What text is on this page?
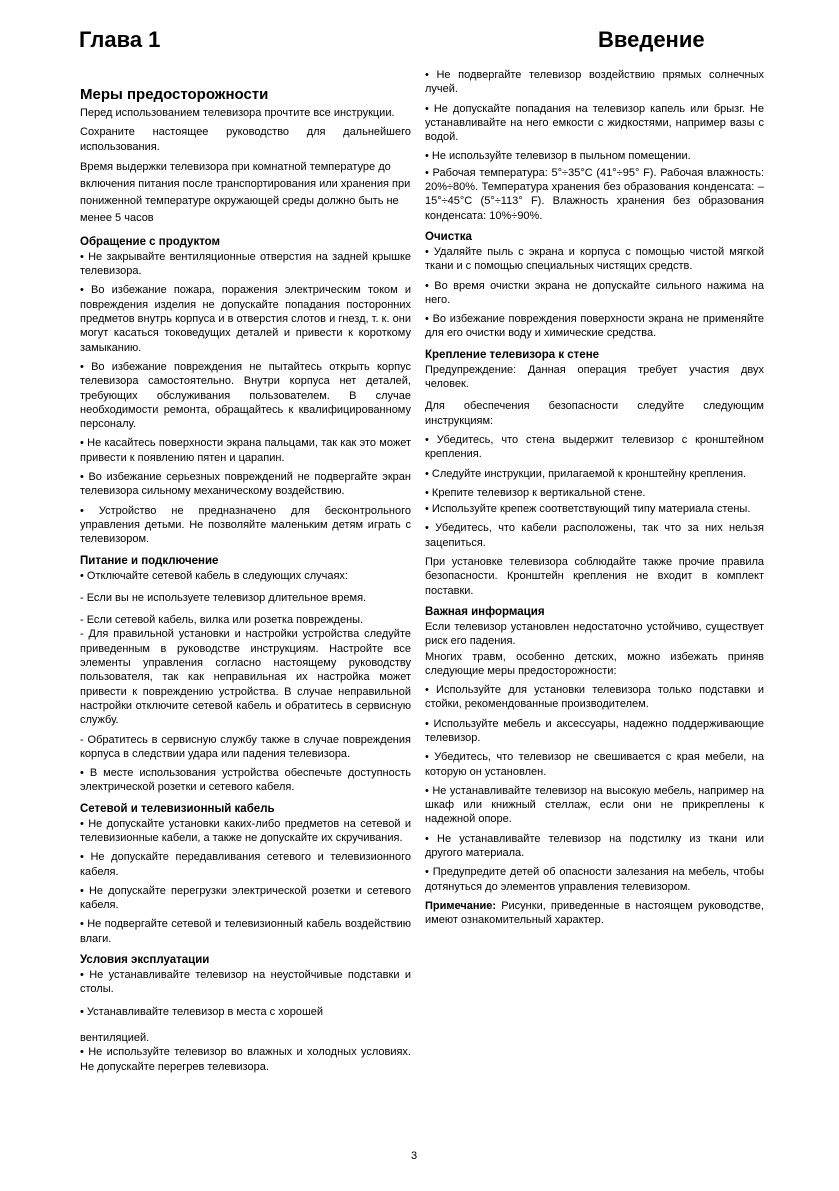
Глава 1	Введение
Меры предосторожности

Перед использованием телевизора прочтите все инструкции.

Сохраните настоящее руководство для дальнейшего использования.

Время выдержки телевизора при комнатной температуре до включения питания после транспортирования или хранения при пониженной температуре окружающей среды должно быть не менее 5 часов

Обращение с продуктом

• Не закрывайте вентиляционные отверстия на задней крышке телевизора.

• Во избежание пожара, поражения электрическим током и повреждения изделия не допускайте попадания посторонних предметов внутрь корпуса и в отверстия слотов и гнезд, т. к. они могут касаться токоведущих деталей и привести к короткому замыканию.

• Во избежание повреждения не пытайтесь открыть корпус телевизора самостоятельно. Внутри корпуса нет деталей, требующих обслуживания пользователем. В случае необходимости ремонта, обращайтесь к квалифицированному персоналу.

• Не касайтесь поверхности экрана пальцами, так как это может привести к появлению пятен и царапин.

• Во избежание серьезных повреждений не подвергайте экран телевизора сильному механическому воздействию.

• Устройство не предназначено для бесконтрольного управления детьми. Не позволяйте маленьким детям играть с телевизором.

Питание и подключение

• Отключайте сетевой кабель в следующих случаях:

- Если вы не используете телевизор длительное время.

- Если сетевой кабель, вилка или розетка повреждены.

- Для правильной установки и настройки устройства следуйте приведенным в руководстве инструкциям. Настройте все элементы управления согласно настоящему руководству пользователя, так как неправильная их настройка может привести к повреждению устройства. В случае неправильной настройки отключите сетевой кабель и обратитесь в сервисную службу.

- Обратитесь в сервисную службу также в случае повреждения корпуса в следствии удара или падения телевизора.

• В месте использования устройства обеспечьте доступность электрической розетки и сетевого кабеля.

Сетевой и телевизионный кабель

• Не допускайте установки каких-либо предметов на сетевой и телевизионные кабели, а также не допускайте их скручивания.

• Не допускайте передавливания сетевого и телевизионного кабеля.

• Не допускайте перегрузки электрической розетки и сетевого кабеля.

• Не подвергайте сетевой и телевизионный кабель воздействию влаги.

Условия эксплуатации

• Не устанавливайте телевизор на неустойчивые подставки и столы.

• Устанавливайте телевизор в места с хорошей

вентиляцией.

• Не используйте телевизор во влажных и холодных условиях. Не допускайте перегрев телевизора.

• Не подвергайте телевизор воздействию прямых солнечных лучей.

• Не допускайте попадания на телевизор капель или брызг. Не устанавливайте на него емкости с жидкостями, например вазы с водой.

• Не используйте телевизор в пыльном помещении.

• Рабочая температура: 5°÷35°C (41°÷95° F). Рабочая влажность: 20%÷80%. Температура хранения без образования конденсата: –15°÷45°C (5°÷113° F). Влажность хранения без образования конденсата: 10%÷90%.

Очистка

• Удаляйте пыль с экрана и корпуса с помощью чистой мягкой ткани и с помощью специальных чистящих средств.

• Во время очистки экрана не допускайте сильного нажима на него.

• Во избежание повреждения поверхности экрана не применяйте для его очистки воду и химические средства.

Крепление телевизора к стене

Предупреждение: Данная операция требует участия двух человек.

Для обеспечения безопасности следуйте следующим инструкциям:

• Убедитесь, что стена выдержит телевизор с кронштейном крепления.

• Следуйте инструкции, прилагаемой к кронштейну крепления.

• Крепите телевизор к вертикальной стене.

• Используйте крепеж соответствующий типу материала стены.

• Убедитесь, что кабели расположены, так что за них нельзя зацепиться.

При установке телевизора соблюдайте также прочие правила безопасности. Кронштейн крепления не входит в комплект поставки.

Важная информация

Если телевизор установлен недостаточно устойчиво, существует риск его падения.

Многих травм, особенно детских, можно избежать приняв следующие меры предосторожности:

• Используйте для установки телевизора только подставки и стойки, рекомендованные производителем.

• Используйте мебель и аксессуары, надежно поддерживающие телевизор.

• Убедитесь, что телевизор не свешивается с края мебели, на которую он установлен.

• Не устанавливайте телевизор на высокую мебель, например на шкаф или книжный стеллаж, если они не прикреплены к надежной опоре.

• Не устанавливайте телевизор на подстилку из ткани или другого материала.

• Предупредите детей об опасности залезания на мебель, чтобы дотянуться до элементов управления телевизором.

Примечание: Рисунки, приведенные в настоящем руководстве, имеют ознакомительный характер.

3
